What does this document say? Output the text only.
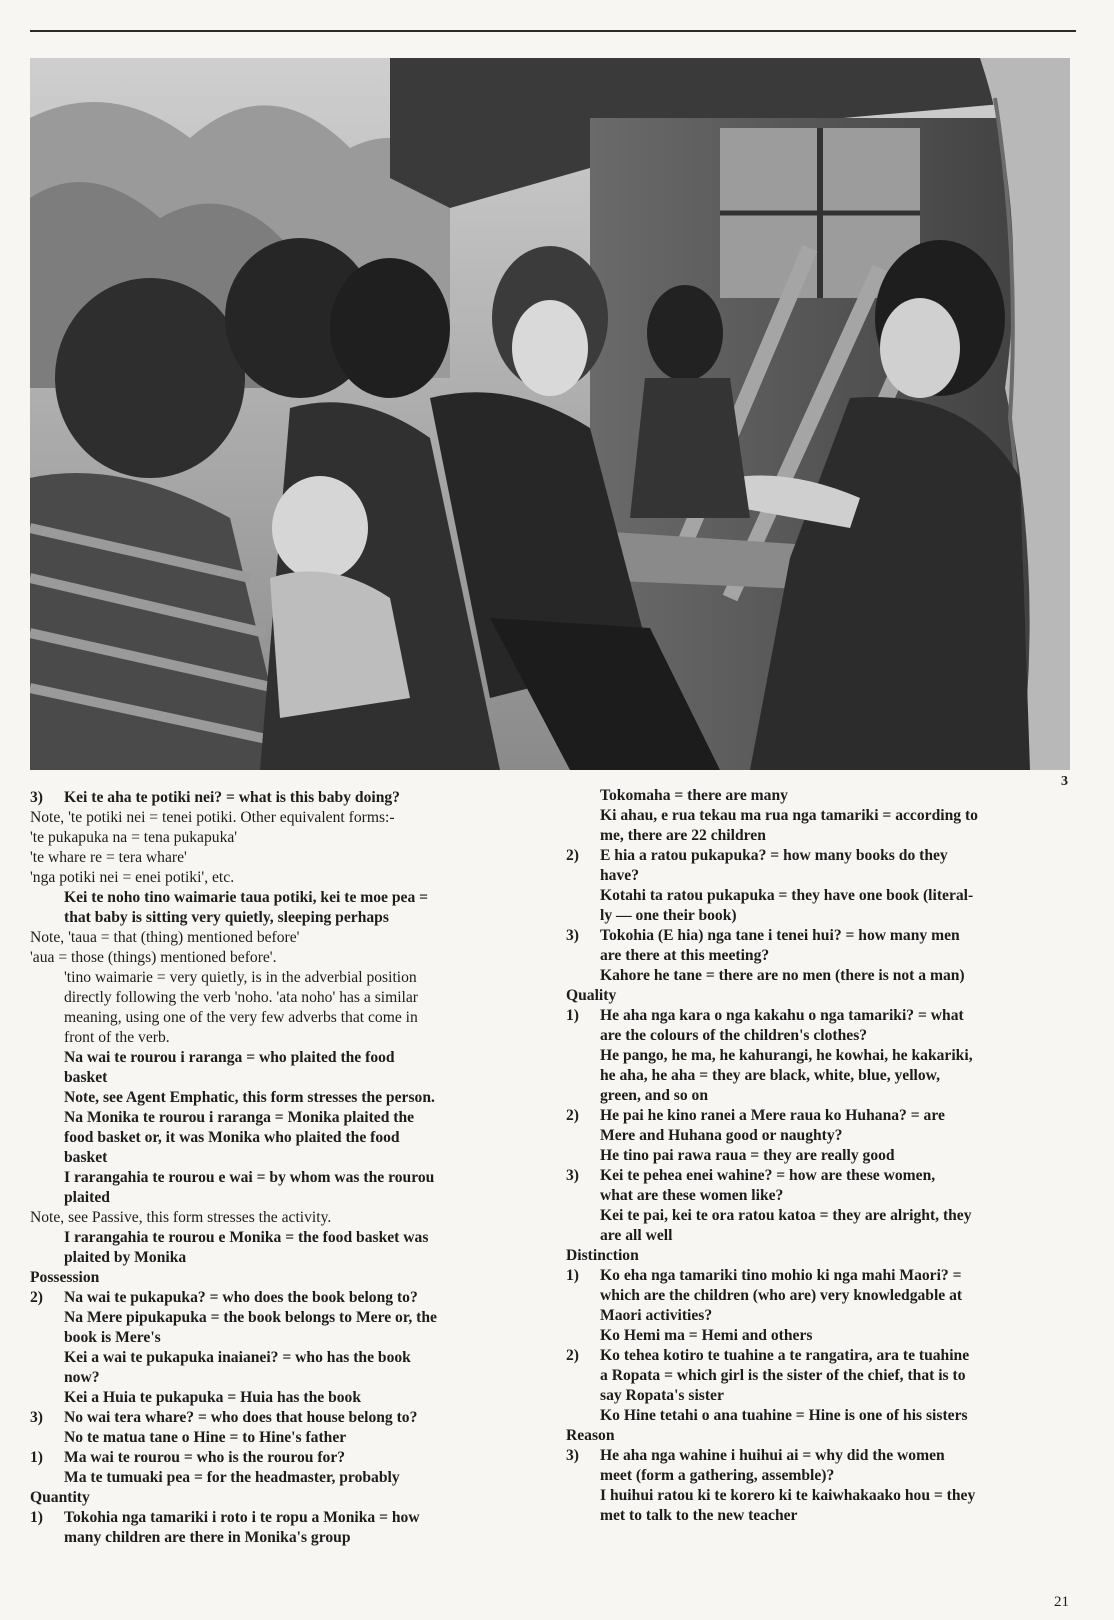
3
3) Kei te aha te potiki nei? = what is this baby doing?
Note, 'te potiki nei = tenei potiki. Other equivalent forms:-
'te pukapuka na = tena pukapuka'
'te whare re = tera whare'
'nga potiki nei = enei potiki', etc.
Kei te noho tino waimarie taua potiki, kei te moe pea =
that baby is sitting very quietly, sleeping perhaps
Note, 'taua = that (thing) mentioned before'
'aua = those (things) mentioned before'.
'tino waimarie = very quietly, is in the adverbial position
directly following the verb 'noho. 'ata noho' has a similar
meaning, using one of the very few adverbs that come in
front of the verb.
Na wai te rourou i raranga = who plaited the food
basket
Note, see Agent Emphatic, this form stresses the person.
Na Monika te rourou i raranga = Monika plaited the
food basket or, it was Monika who plaited the food
basket
I rarangahia te rourou e wai = by whom was the rourou
plaited
Note, see Passive, this form stresses the activity.
I rarangahia te rourou e Monika = the food basket was
plaited by Monika
Possession
2) Na wai te pukapuka? = who does the book belong to?
Na Mere pipukapuka = the book belongs to Mere or, the
book is Mere's
Kei a wai te pukapuka inaianei? = who has the book
now?
Kei a Huia te pukapuka = Huia has the book
3) No wai tera whare? = who does that house belong to?
No te matua tane o Hine = to Hine's father
1) Ma wai te rourou = who is the rourou for?
Ma te tumuaki pea = for the headmaster, probably
Quantity
1) Tokohia nga tamariki i roto i te ropu a Monika = how
many children are there in Monika's group
Tokomaha = there are many
Ki ahau, e rua tekau ma rua nga tamariki = according to
me, there are 22 children
2) E hia a ratou pukapuka? = how many books do they
have?
Kotahi ta ratou pukapuka = they have one book (literal-
ly — one their book)
3) Tokohia (E hia) nga tane i tenei hui? = how many men
are there at this meeting?
Kahore he tane = there are no men (there is not a man)
Quality
1) He aha nga kara o nga kakahu o nga tamariki? = what
are the colours of the children's clothes?
He pango, he ma, he kahurangi, he kowhai, he kakariki,
he aha, he aha = they are black, white, blue, yellow,
green, and so on
2) He pai he kino ranei a Mere raua ko Huhana? = are
Mere and Huhana good or naughty?
He tino pai rawa raua = they are really good
3) Kei te pehea enei wahine? = how are these women,
what are these women like?
Kei te pai, kei te ora ratou katoa = they are alright, they
are all well
Distinction
1) Ko eha nga tamariki tino mohio ki nga mahi Maori? =
which are the children (who are) very knowledgable at
Maori activities?
Ko Hemi ma = Hemi and others
2) Ko tehea kotiro te tuahine a te rangatira, ara te tuahine
a Ropata = which girl is the sister of the chief, that is to
say Ropata's sister
Ko Hine tetahi o ana tuahine = Hine is one of his sisters
Reason
3) He aha nga wahine i huihui ai = why did the women
meet (form a gathering, assemble)?
I huihui ratou ki te korero ki te kaiwhakaako hou = they
met to talk to the new teacher
21
